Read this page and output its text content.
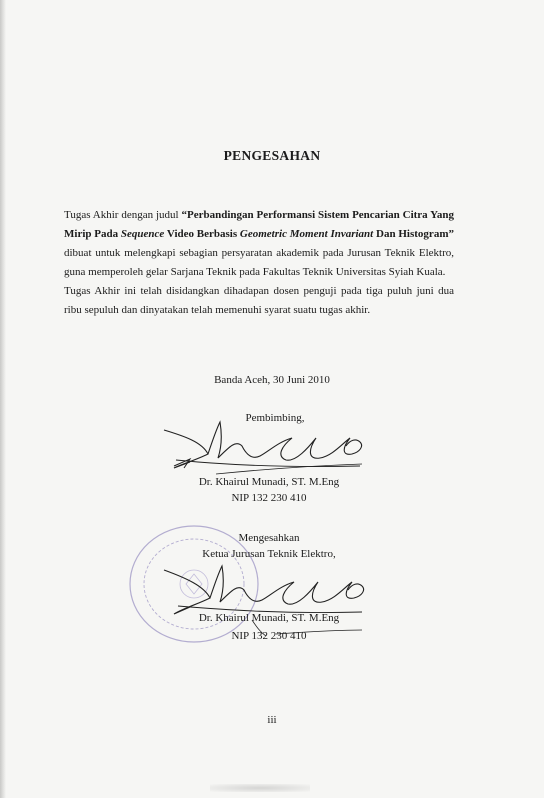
PENGESAHAN

Tugas Akhir dengan judul “Perbandingan Performansi Sistem Pencarian Citra Yang Mirip Pada Sequence Video Berbasis Geometric Moment Invariant Dan Histogram” dibuat untuk melengkapi sebagian persyaratan akademik pada Jurusan Teknik Elektro, guna memperoleh gelar Sarjana Teknik pada Fakultas Teknik Universitas Syiah Kuala.

Tugas Akhir ini telah disidangkan dihadapan dosen penguji pada tiga puluh juni dua ribu sepuluh dan dinyatakan telah memenuhi syarat suatu tugas akhir.

Banda Aceh, 30 Juni 2010
Pembimbing,
Dr. Khairul Munadi, ST. M.Eng
NIP 132 230 410
Mengesahkan
Ketua Jurusan Teknik Elektro,
Dr. Khairul Munadi, ST. M.Eng
NIP 132 230 410
iii
